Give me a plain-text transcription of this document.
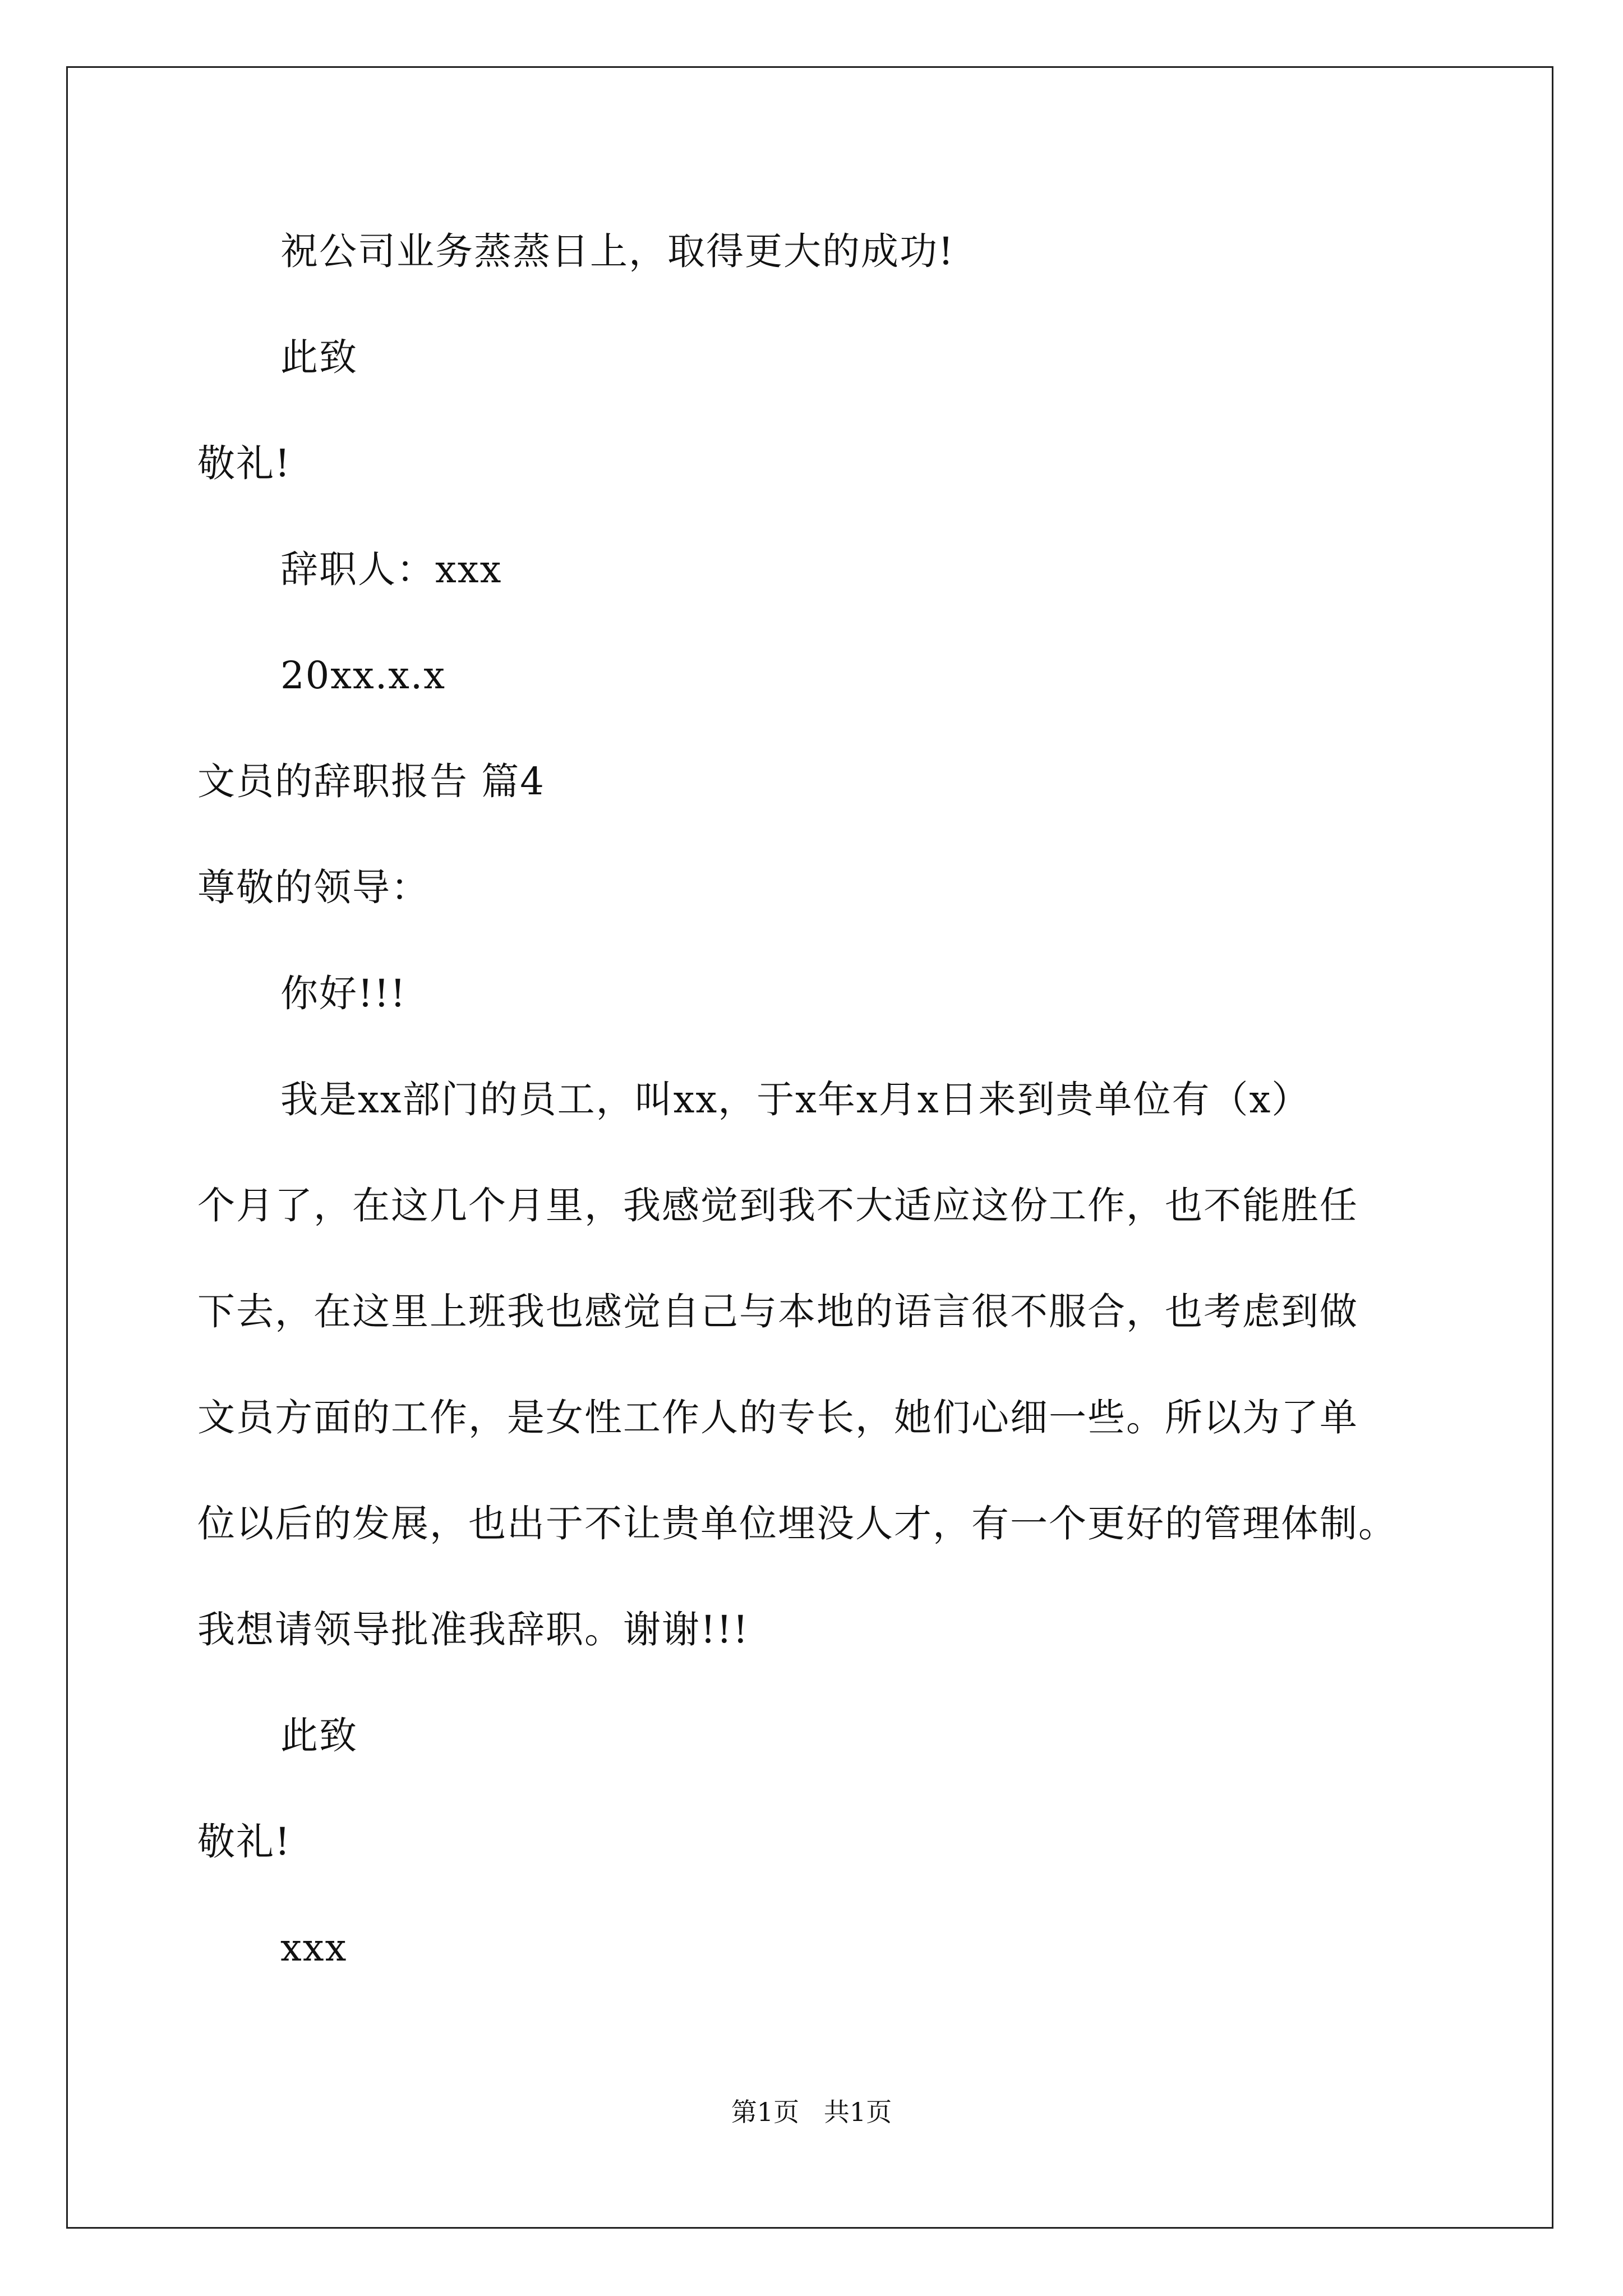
祝公司业务蒸蒸日上，取得更大的成功!
此致
敬礼!
辞职人：xxx
20xx.x.x
文员的辞职报告 篇4
尊敬的领导：
你好!!!
我是xx部门的员工，叫xx，于x年x月x日来到贵单位有（x）
个月了，在这几个月里，我感觉到我不大适应这份工作，也不能胜任
下去，在这里上班我也感觉自己与本地的语言很不服合，也考虑到做
文员方面的工作，是女性工作人的专长，她们心细一些。所以为了单
位以后的发展，也出于不让贵单位埋没人才，有一个更好的管理体制。
我想请领导批准我辞职。谢谢!!!
此致
敬礼!
xxx
第1页   共1页
